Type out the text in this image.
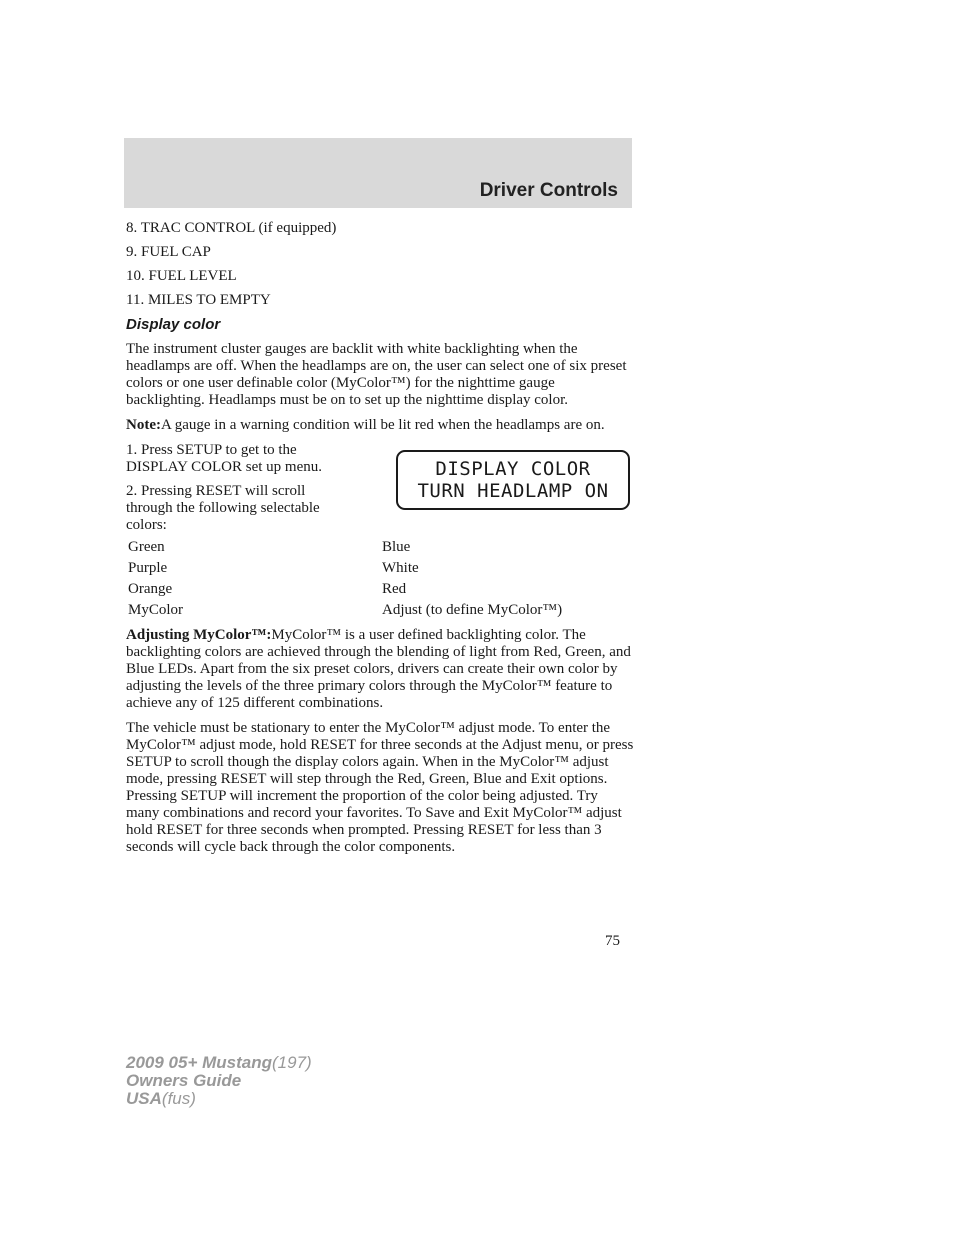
Driver Controls
8. TRAC CONTROL (if equipped)
9. FUEL CAP
10. FUEL LEVEL
11. MILES TO EMPTY
Display color

The instrument cluster gauges are backlit with white backlighting when the headlamps are off. When the headlamps are on, the user can select one of six preset colors or one user definable color (MyColor™) for the nighttime gauge backlighting. Headlamps must be on to set up the nighttime display color.

Note:A gauge in a warning condition will be lit red when the headlamps are on.

1. Press SETUP to get to the DISPLAY COLOR set up menu.

2. Pressing RESET will scroll through the following selectable colors:

DISPLAY COLOR
TURN HEADLAMP ON
Green	Blue
Purple	White
Orange	Red
MyColor	Adjust (to define MyColor™)

Adjusting MyColor™:MyColor™ is a user defined backlighting color. The backlighting colors are achieved through the blending of light from Red, Green, and Blue LEDs. Apart from the six preset colors, drivers can create their own color by adjusting the levels of the three primary colors through the MyColor™ feature to achieve any of 125 different combinations.

The vehicle must be stationary to enter the MyColor™ adjust mode. To enter the MyColor™ adjust mode, hold RESET for three seconds at the Adjust menu, or press SETUP to scroll though the display colors again. When in the MyColor™ adjust mode, pressing RESET will step through the Red, Green, Blue and Exit options. Pressing SETUP will increment the proportion of the color being adjusted. Try many combinations and record your favorites. To Save and Exit MyColor™ adjust hold RESET for three seconds when prompted. Pressing RESET for less than 3 seconds will cycle back through the color components.

75
2009 05+ Mustang(197)
Owners Guide
USA(fus)
